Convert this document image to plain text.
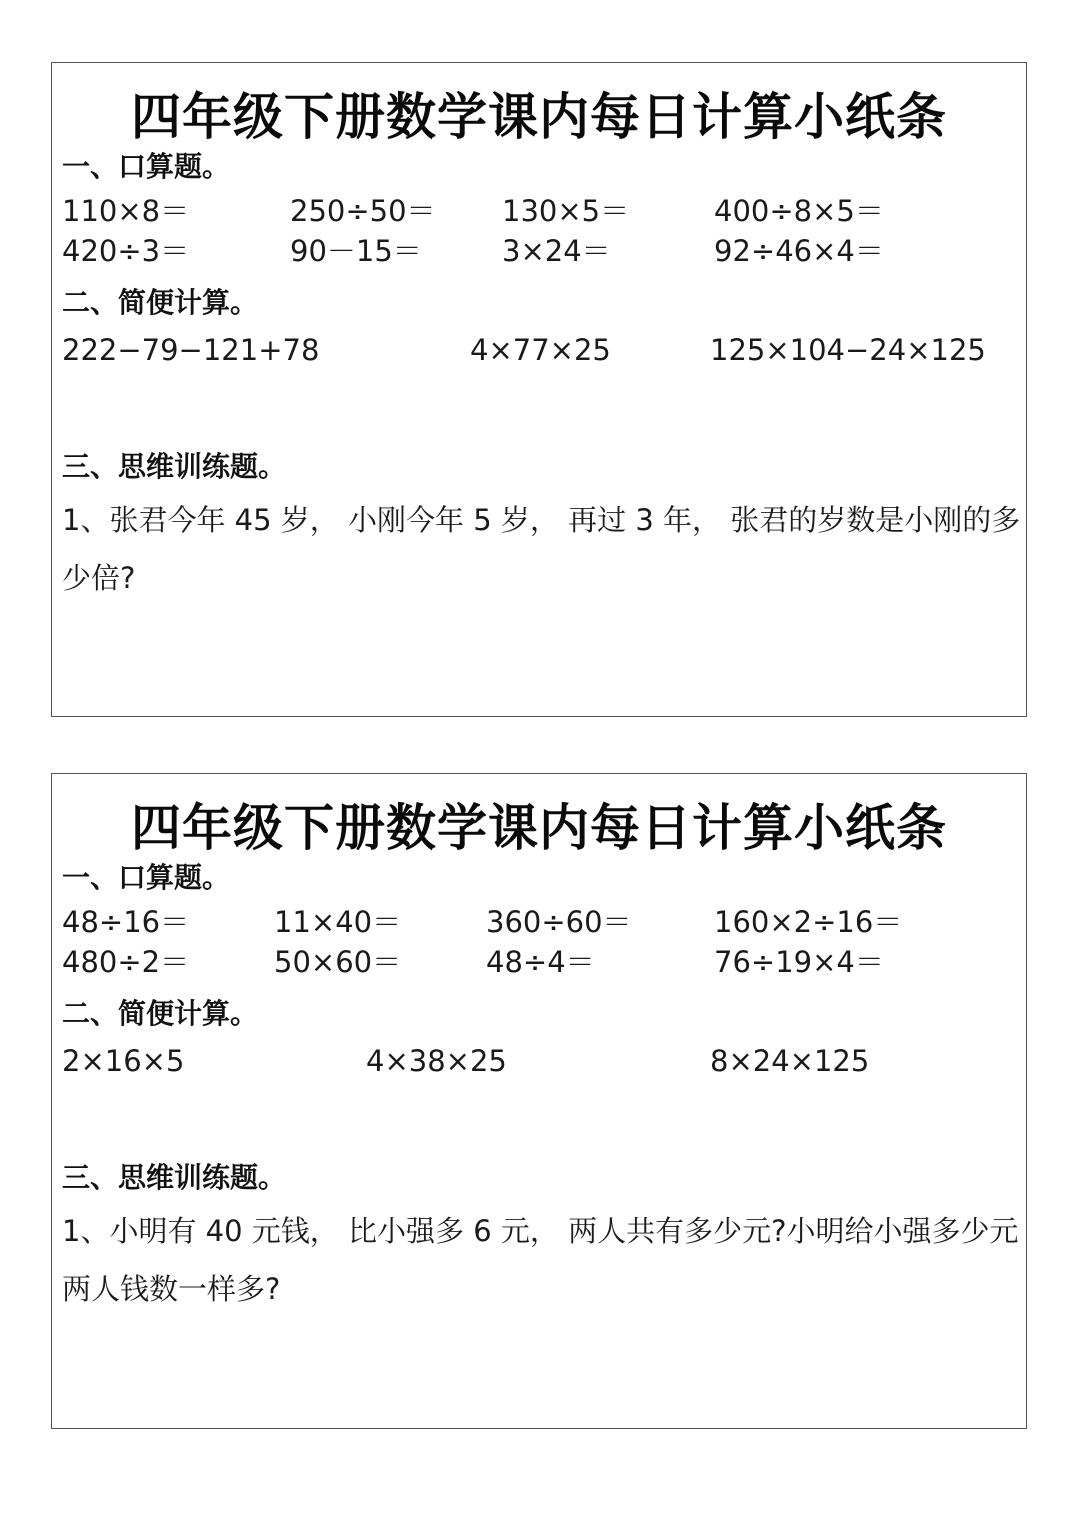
四年级下册数学课内每日计算小纸条
一、口算题。
110×8＝	250÷50＝ 130×5＝	400÷8×5＝
420÷3＝	90－15＝	3×24＝	92÷46×4＝
二、简便计算。
222−79−121+78	4×77×25	125×104−24×125
三、思维训练题。

1、张君今年 45 岁， 小刚今年 5 岁， 再过 3 年， 张君的岁数是小刚的多少倍?

四年级下册数学课内每日计算小纸条
一、口算题。
48÷16＝	11×40＝	360÷60＝	160×2÷16＝
480÷2＝	50×60＝	48÷4＝	76÷19×4＝
二、简便计算。
2×16×5	4×38×25	8×24×125
三、思维训练题。

1、小明有 40 元钱， 比小强多 6 元， 两人共有多少元?小明给小强多少元两人钱数一样多?
